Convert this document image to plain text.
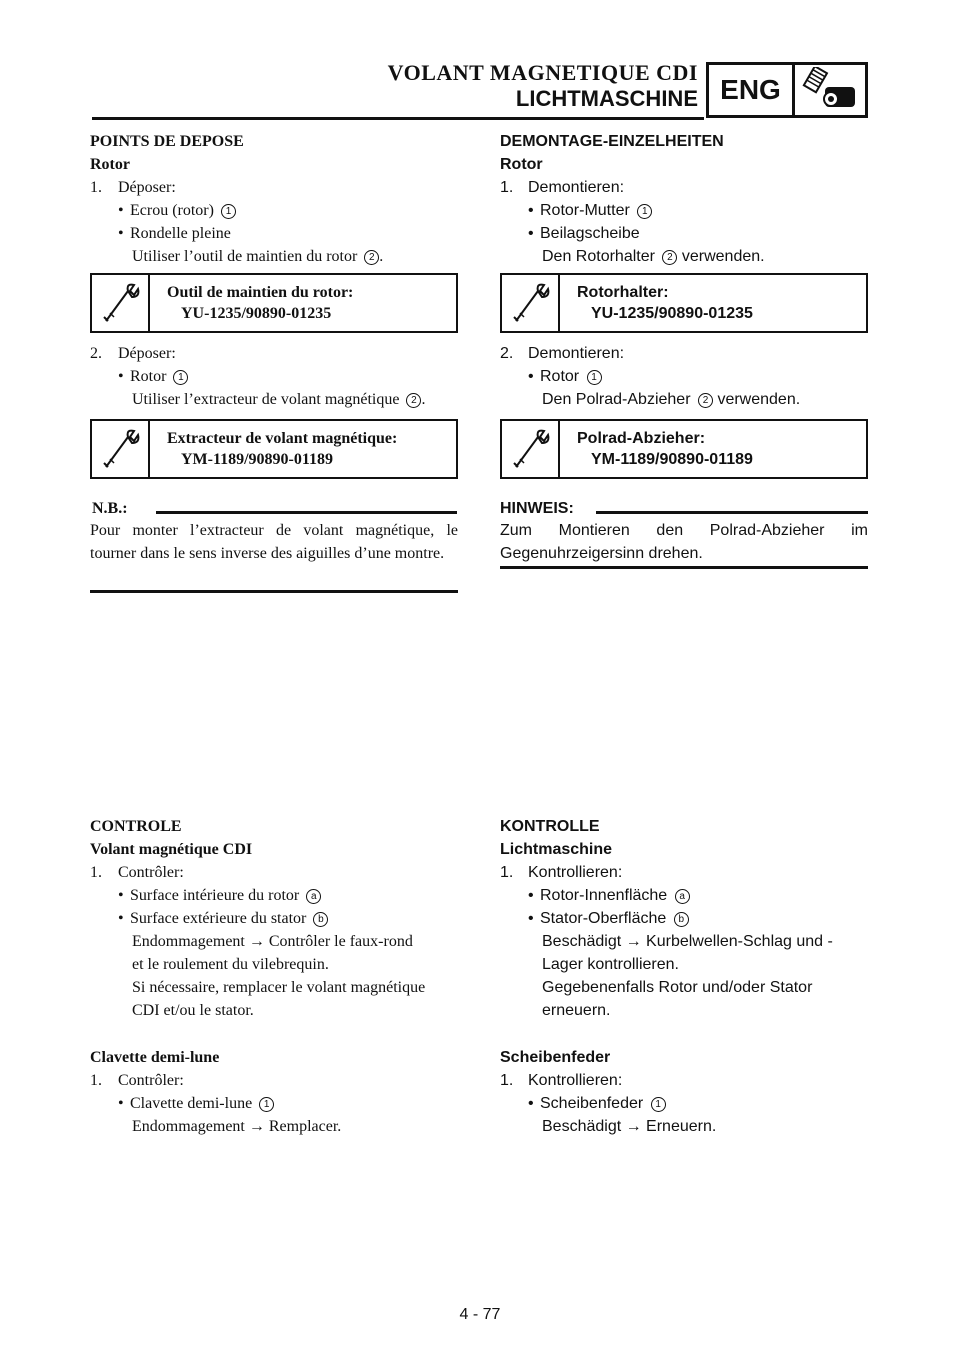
VOLANT MAGNETIQUE CDI
LICHTMASCHINE ENG
POINTS DE DEPOSE
Rotor
1. Déposer:
• Ecrou (rotor) 1
• Rondelle pleine
Utiliser l’outil de maintien du rotor 2 .
Outil de maintien du rotor:
YU-1235/90890-01235
2. Déposer:
• Rotor 1
Utiliser l’extracteur de volant magnétique 2 .
Extracteur de volant magnétique:
YM-1189/90890-01189
N.B.:
Pour monter l’extracteur de volant magnétique, le tourner dans le sens inverse des aiguilles d’une montre.
DEMONTAGE-EINZELHEITEN
Rotor
1. Demontieren:
• Rotor-Mutter 1
• Beilagscheibe
Den Rotorhalter 2 verwenden.
Rotorhalter:
YU-1235/90890-01235
2. Demontieren:
• Rotor 1
Den Polrad-Abzieher 2 verwenden.
Polrad-Abzieher:
YM-1189/90890-01189
HINWEIS:
Zum Montieren den Polrad-Abzieher im Gegenuhrzeigersinn drehen.
CONTROLE
Volant magnétique CDI
1. Contrôler:
• Surface intérieure du rotor a
• Surface extérieure du stator b
Endommagement → Contrôler le faux-rond
et le roulement du vilebrequin.
Si nécessaire, remplacer le volant magnétique
CDI et/ou le stator.
Clavette demi-lune
1. Contrôler:
• Clavette demi-lune 1
Endommagement → Remplacer.
KONTROLLE
Lichtmaschine
1. Kontrollieren:
• Rotor-Innenfläche a
• Stator-Oberfläche b
Beschädigt → Kurbelwellen-Schlag und -
Lager kontrollieren.
Gegebenenfalls Rotor und/oder Stator
erneuern.
Scheibenfeder
1. Kontrollieren:
• Scheibenfeder 1
Beschädigt → Erneuern.
4 - 77
